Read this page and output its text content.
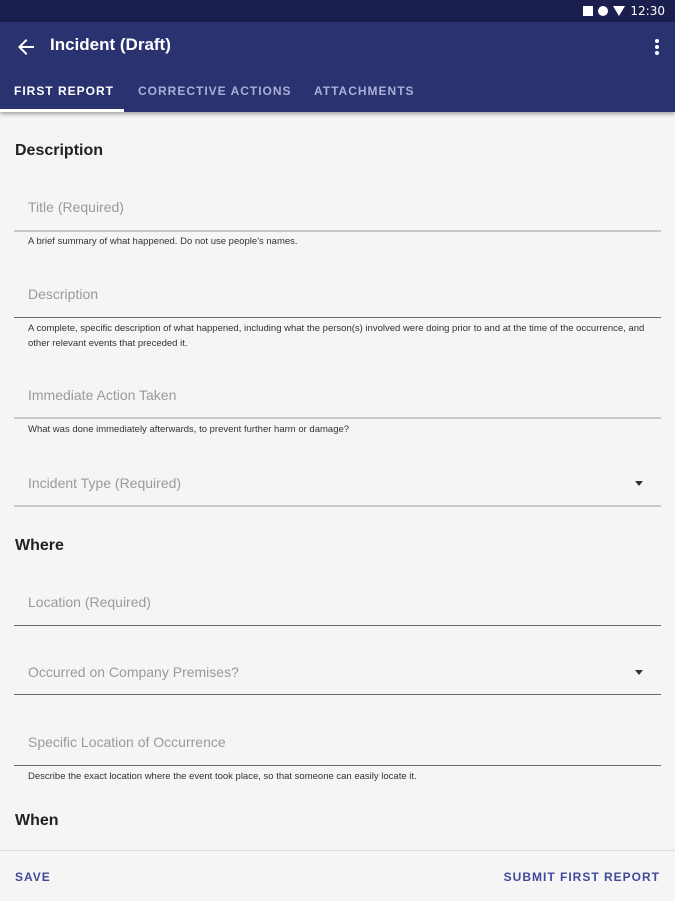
12:30
Incident (Draft)
FIRST REPORT CORRECTIVE ACTIONS ATTACHMENTS
Description
Title (Required)
A brief summary of what happened. Do not use people's names.
Description
A complete, specific description of what happened, including what the person(s) involved were doing prior to and at the time of the occurrence, and other relevant events that preceded it.
Immediate Action Taken
What was done immediately afterwards, to prevent further harm or damage?
Incident Type (Required)
Where
Location (Required)
Occurred on Company Premises?
Specific Location of Occurrence
Describe the exact location where the event took place, so that someone can easily locate it.
When
SAVE	SUBMIT FIRST REPORT
